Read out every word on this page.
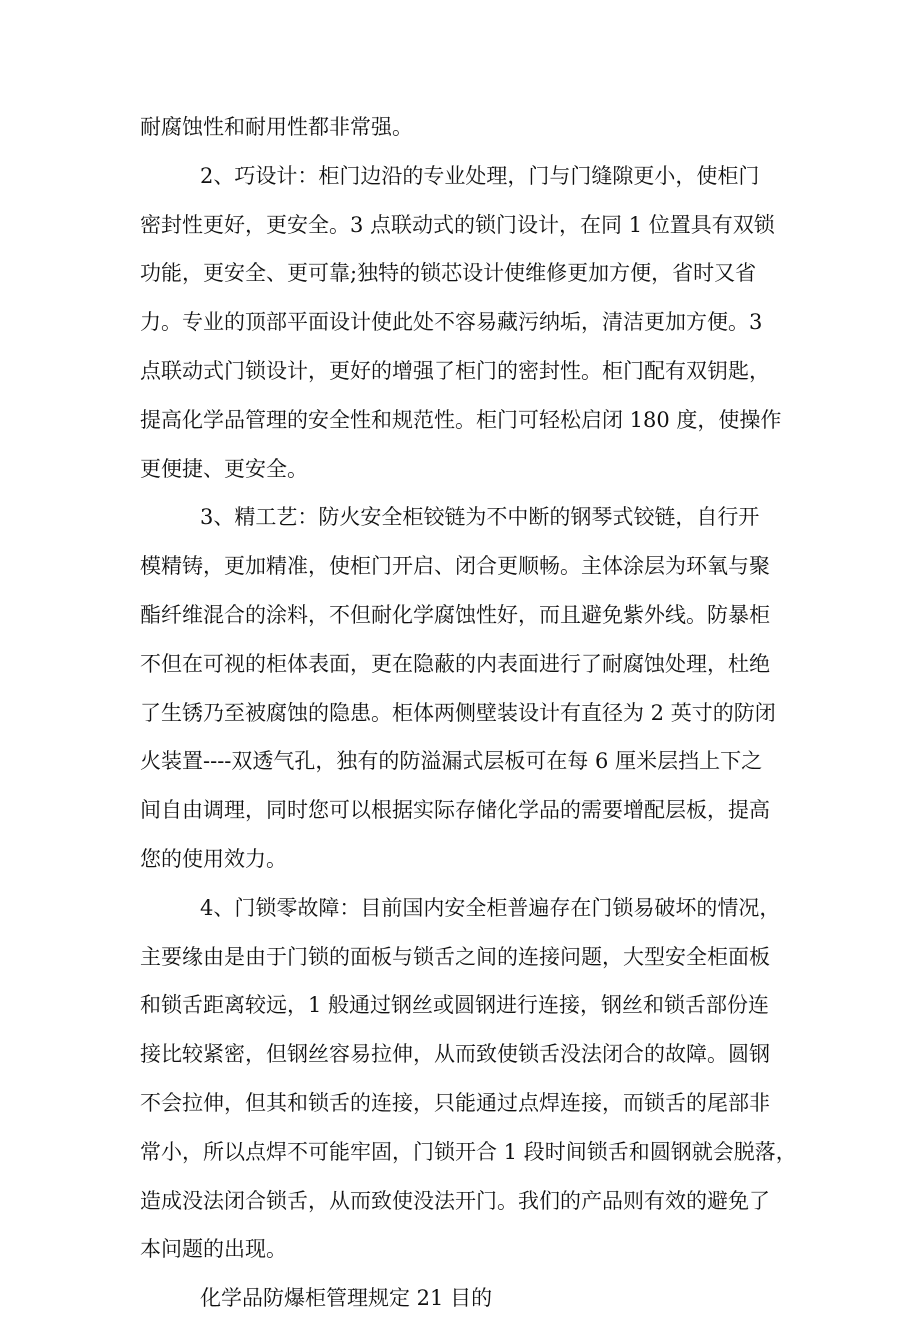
耐腐蚀性和耐用性都非常强。
2、巧设计：柜门边沿的专业处理，门与门缝隙更小，使柜门
密封性更好，更安全。3 点联动式的锁门设计，在同 1 位置具有双锁
功能，更安全、更可靠;独特的锁芯设计使维修更加方便，省时又省
力。专业的顶部平面设计使此处不容易藏污纳垢，清洁更加方便。3
点联动式门锁设计，更好的增强了柜门的密封性。柜门配有双钥匙，
提高化学品管理的安全性和规范性。柜门可轻松启闭 180 度，使操作
更便捷、更安全。
3、精工艺：防火安全柜铰链为不中断的钢琴式铰链，自行开
模精铸，更加精准，使柜门开启、闭合更顺畅。主体涂层为环氧与聚
酯纤维混合的涂料，不但耐化学腐蚀性好，而且避免紫外线。防暴柜
不但在可视的柜体表面，更在隐蔽的内表面进行了耐腐蚀处理，杜绝
了生锈乃至被腐蚀的隐患。柜体两侧壁装设计有直径为 2 英寸的防闭
火装置----双透气孔，独有的防溢漏式层板可在每 6 厘米层挡上下之
间自由调理，同时您可以根据实际存储化学品的需要增配层板，提高
您的使用效力。
4、门锁零故障：目前国内安全柜普遍存在门锁易破坏的情况，
主要缘由是由于门锁的面板与锁舌之间的连接问题，大型安全柜面板
和锁舌距离较远，1 般通过钢丝或圆钢进行连接，钢丝和锁舌部份连
接比较紧密，但钢丝容易拉伸，从而致使锁舌没法闭合的故障。圆钢
不会拉伸，但其和锁舌的连接，只能通过点焊连接，而锁舌的尾部非
常小，所以点焊不可能牢固，门锁开合 1 段时间锁舌和圆钢就会脱落，
造成没法闭合锁舌，从而致使没法开门。我们的产品则有效的避免了
本问题的出现。
化学品防爆柜管理规定 21 目的
